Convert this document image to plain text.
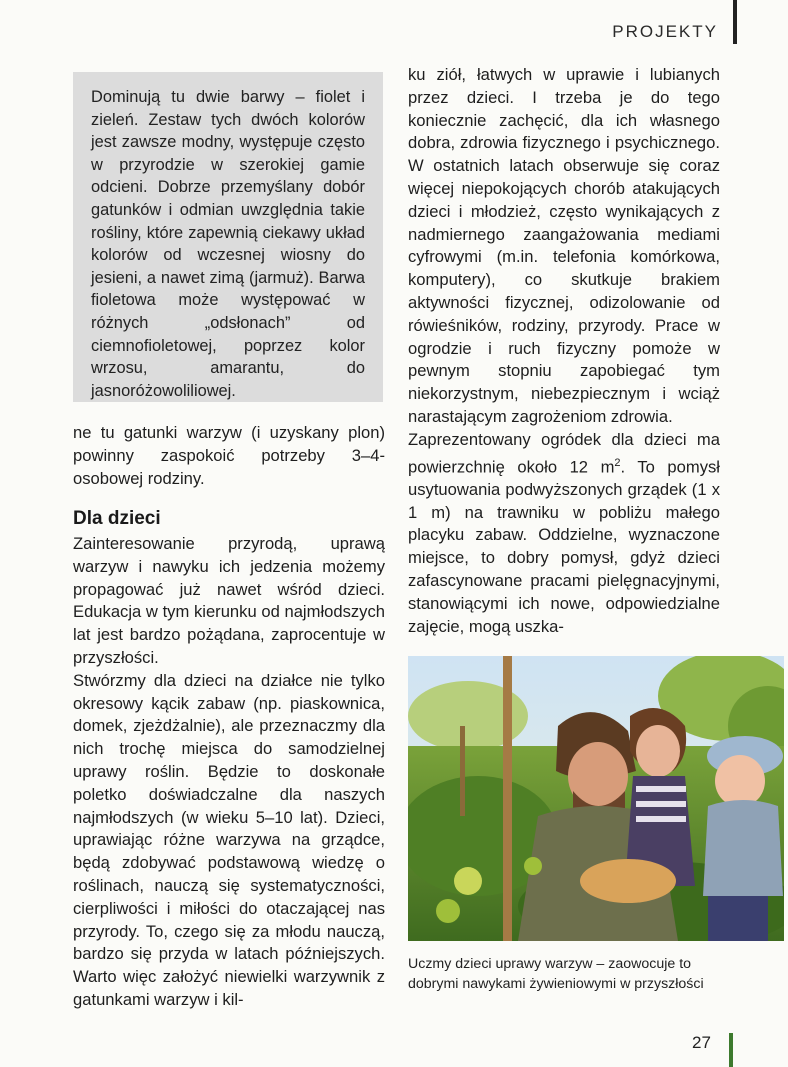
PROJEKTY

Dominują tu dwie barwy – fiolet i zieleń. Zestaw tych dwóch kolorów jest zawsze modny, występuje często w przyrodzie w szerokiej gamie odcieni. Dobrze przemyślany dobór gatunków i odmian uwzględnia takie rośliny, które zapewnią ciekawy układ kolorów od wczesnej wiosny do jesieni, a nawet zimą (jarmuż). Barwa fioletowa może występować w różnych „odsłonach” od ciemnofioletowej, poprzez kolor wrzosu, amarantu, do jasnoróżowoliliowej.

ne tu gatunki warzyw (i uzyskany plon) powinny zaspokoić potrzeby 3–4-osobowej rodziny.

Dla dzieci

Zainteresowanie przyrodą, uprawą warzyw i nawyku ich jedzenia możemy propagować już nawet wśród dzieci. Edukacja w tym kierunku od najmłodszych lat jest bardzo pożądana, zaprocentuje w przyszłości.

Stwórzmy dla dzieci na działce nie tylko okresowy kącik zabaw (np. piaskownica, domek, zjeżdżalnie), ale przeznaczmy dla nich trochę miejsca do samodzielnej uprawy roślin. Będzie to doskonałe poletko doświadczalne dla naszych najmłodszych (w wieku 5–10 lat). Dzieci, uprawiając różne warzywa na grządce, będą zdobywać podstawową wiedzę o roślinach, nauczą się systematyczności, cierpliwości i miłości do otaczającej nas przyrody. To, czego się za młodu nauczą, bardzo się przyda w latach późniejszych. Warto więc założyć niewielki warzywnik z gatunkami warzyw i kil-

ku ziół, łatwych w uprawie i lubianych przez dzieci. I trzeba je do tego koniecznie zachęcić, dla ich własnego dobra, zdrowia fizycznego i psychicznego. W ostatnich latach obserwuje się coraz więcej niepokojących chorób atakujących dzieci i młodzież, często wynikających z nadmiernego zaangażowania mediami cyfrowymi (m.in. telefonia komórkowa, komputery), co skutkuje brakiem aktywności fizycznej, odizolowanie od rówieśników, rodziny, przyrody. Prace w ogrodzie i ruch fizyczny pomoże w pewnym stopniu zapobiegać tym niekorzystnym, niebezpiecznym i wciąż narastającym zagrożeniom zdrowia.

Zaprezentowany ogródek dla dzieci ma powierzchnię około 12 $m^2$. To pomysł usytuowania podwyższonych grządek (1 x 1 m) na trawniku w pobliżu małego placyku zabaw. Oddzielne, wyznaczone miejsce, to dobry pomysł, gdyż dzieci zafascynowane pracami pielęgnacyjnymi, stanowiącymi ich nowe, odpowiedzialne zajęcie, mogą uszka-

Uczmy dzieci uprawy warzyw – zaowocuje to dobrymi nawykami żywieniowymi w przyszłości
27
